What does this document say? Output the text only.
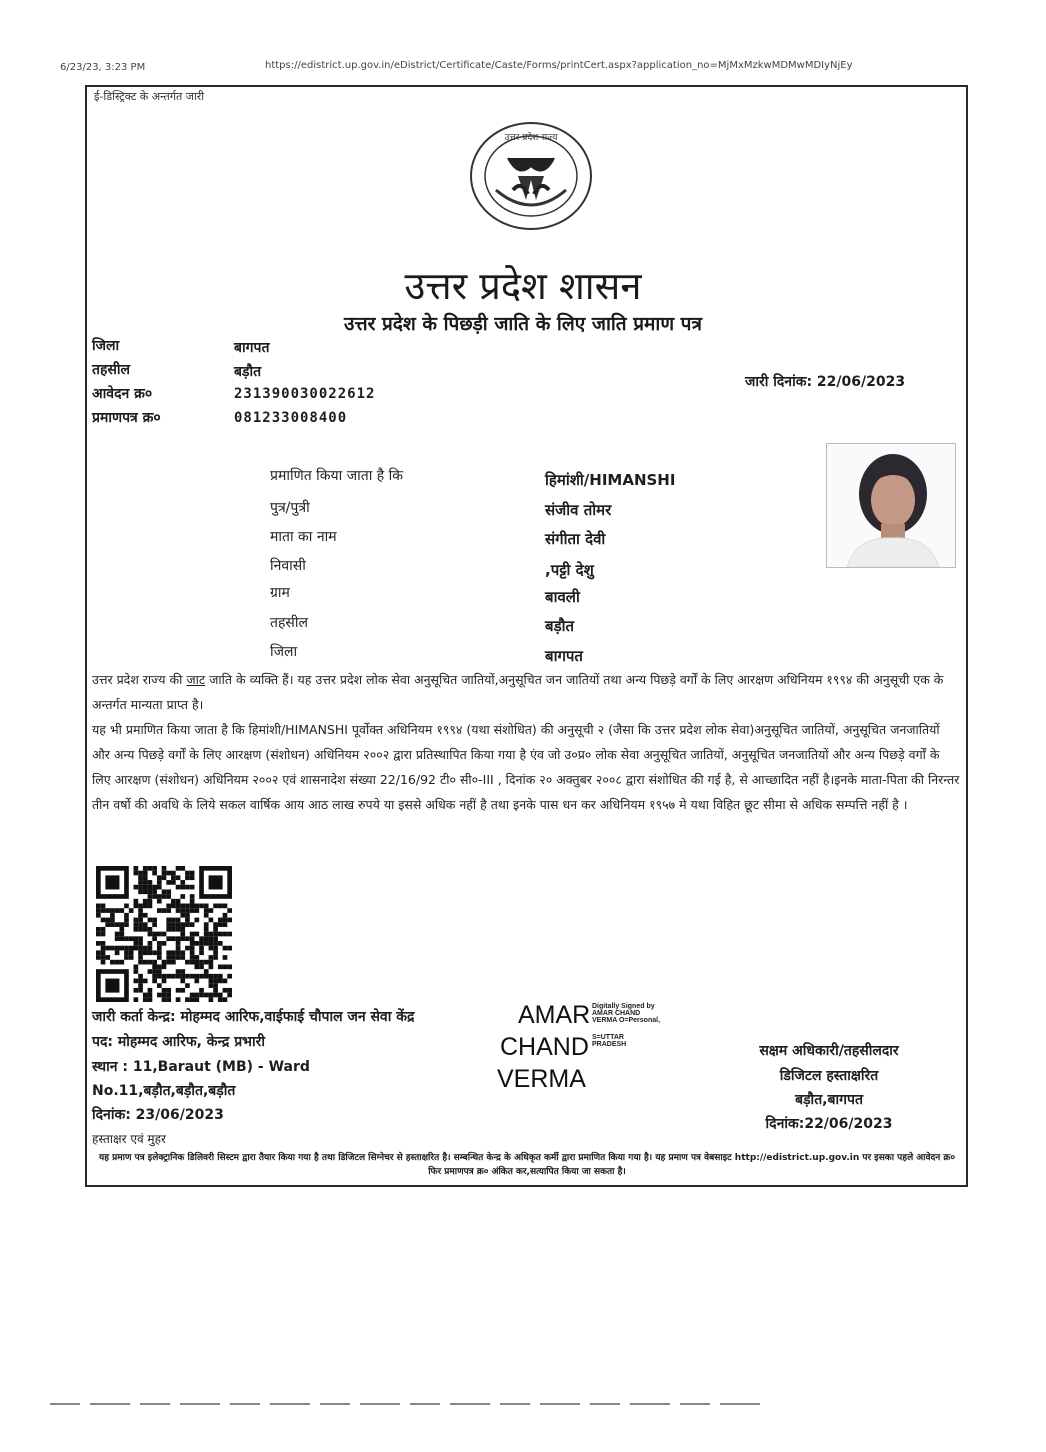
6/23/23, 3:23 PM	https://edistrict.up.gov.in/eDistrict/Certificate/Caste/Forms/printCert.aspx?application_no=MjMxMzkwMDMwMDIyNjEy
ई-डिस्ट्रिक्ट के अन्तर्गत जारी
उत्तर प्रदेश राज्य
उत्तर प्रदेश शासन
उत्तर प्रदेश के पिछड़ी जाति के लिए जाति प्रमाण पत्र
जिला	बागपत
तहसील	बड़ौत
आवेदन क्र०	231390030022612
प्रमाणपत्र क्र०	081233008400
जारी दिनांक: 22/06/2023
प्रमाणित किया जाता है कि	हिमांशी/HIMANSHI
पुत्र/पुत्री	संजीव तोमर
माता का नाम	संगीता देवी
निवासी	,पट्टी देशु
ग्राम	बावली
तहसील	बड़ौत
जिला	बागपत
उत्तर प्रदेश राज्य की जाट जाति के व्यक्ति हैं। यह उत्तर प्रदेश लोक सेवा अनुसूचित जातियों,अनुसूचित जन जातियों तथा अन्य पिछड़े वर्गों के लिए आरक्षण अधिनियम १९९४ की अनुसूची एक के अन्तर्गत मान्यता प्राप्त है।
यह भी प्रमाणित किया जाता है कि हिमांशी/HIMANSHI पूर्वोक्त अधिनियम १९९४ (यथा संशोधित) की अनुसूची २ (जैसा कि उत्तर प्रदेश लोक सेवा)अनुसूचित जातियों, अनुसूचित जनजातियों और अन्य पिछड़े वर्गों के लिए आरक्षण (संशोधन) अधिनियम २००२ द्वारा प्रतिस्थापित किया गया है एंव जो उ०प्र० लोक सेवा अनुसूचित जातियों, अनुसूचित जनजातियों और अन्य पिछड़े वर्गों के लिए आरक्षण (संशोधन) अधिनियम २००२ एवं शासनादेश संख्या 22/16/92 टी० सी०-III , दिनांक २० अक्तुबर २००८ द्वारा संशोधित की गई है, से आच्छादित नहीं है।इनके माता-पिता की निरन्तर तीन वर्षो की अवधि के लिये सकल वार्षिक आय आठ लाख रुपये या इससे अधिक नहीं है तथा इनके पास धन कर अधिनियम १९५७ मे यथा विहित छूट सीमा से अधिक सम्पत्ति नहीं है ।
जारी कर्ता केन्द्र: मोहम्मद आरिफ,वाईफाई चौपाल जन सेवा केंद्र
पद: मोहम्मद आरिफ, केन्द्र प्रभारी
स्थान : 11,Baraut (MB) - Ward
No.11,बड़ौत,बड़ौत,बड़ौत
दिनांक: 23/06/2023
हस्ताक्षर एवं मुहर
AMAR
CHAND
VERMA
Digitally Signed by
AMAR CHAND
VERMA O=Personal,
S=UTTAR
PRADESH	सक्षम अधिकारी/तहसीलदार
डिजिटल हस्ताक्षरित
बड़ौत,बागपत
दिनांक:22/06/2023
यह प्रमाण पत्र इलेक्ट्रानिक डिलिवरी सिस्टम द्वारा तैयार किया गया है तथा डिजिटल सिग्नेचर से हस्ताक्षरित है। सम्बन्धित केन्द्र के अधिकृत कर्मी द्वारा प्रमाणित किया गया है। यह प्रमाण पत्र वेबसाइट http://edistrict.up.gov.in पर इसका पहले आवेदन क्र० फिर प्रमाणपत्र क्र० अंकित कर,सत्यापित किया जा सकता है।
